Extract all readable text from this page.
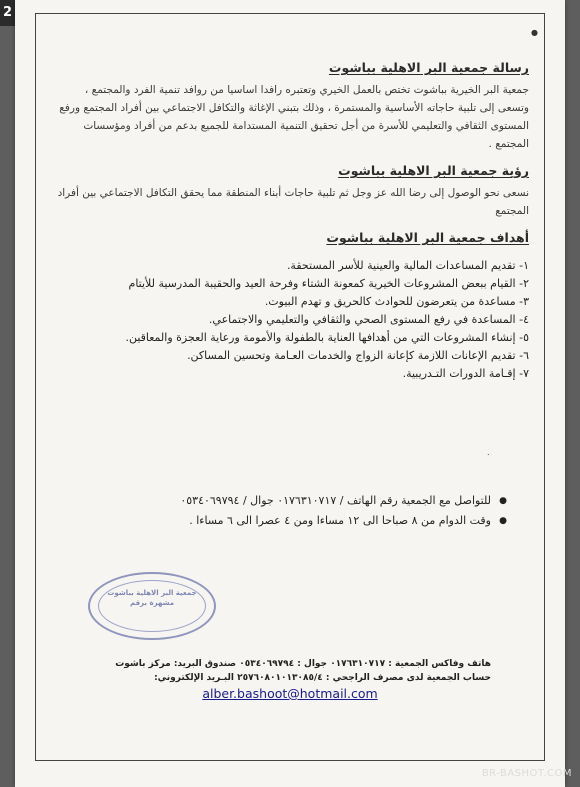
2
●
رسالة جمعية البر الاهلية بباشوت

جمعية البر الخيرية بباشوت تختص بالعمل الخيري وتعتبره رافدا اساسيا من روافد تنمية الفرد والمجتمع ، وتسعى إلى تلبية حاجاته الأساسية والمستمرة ، وذلك بتبني الإغاثة والتكافل الاجتماعي بين أفراد المجتمع ورفع المستوى الثقافي والتعليمي للأسرة من أجل تحقيق التنمية المستدامة للجميع بدعم من أفراد ومؤسسات المجتمع .

رؤية جمعية البر الاهلية بباشوت

نسعى نحو الوصول إلى رضا الله عز وجل ثم تلبية حاجات أبناء المنطقة مما يحقق التكافل الاجتماعي بين أفراد المجتمع

أهداف جمعية البر الاهلية بباشوت
١- تقديم المساعدات المالية والعينية للأسر المستحقة.
٢- القيام ببعض المشروعات الخيرية كمعونة الشتاء وفرحة العيد والحقيبة المدرسية للأيتام
٣- مساعدة من يتعرضون للحوادث كالحريق و تهدم البيوت.
٤- المساعدة في رفع المستوى الصحي والثقافي والتعليمي والاجتماعي.
٥- إنشاء المشروعات التي من أهدافها العناية بالطفولة والأمومة ورعاية العجزة والمعاقين.
٦- تقديم الإعانات اللازمة كإعانة الزواج والخدمات العـامة وتحسين المساكن.
٧- إقـامة الدورات التـدريبية.
.
● للتواصل مع الجمعية رقم الهاتف / ٠١٧٦٣١٠٧١٧ جوال / ٠٥٣٤٠٦٩٧٩٤
● وقت الدوام من ٨ صباحا الى ١٢ مساءا ومن ٤ عصرا الى ٦ مساءا .
جمعية البر الاهلية بباشوت
مشهرة برقم

هاتف وفاكس الجمعية : ٠١٧٦٣١٠٧١٧ جوال : ٠٥٣٤٠٦٩٧٩٤ صندوق البريد: مركز باشوت

حساب الجمعية لدى مصرف الراجحي : ٢٥٧٦٠٨٠١٠١٣٠٨٥/٤ البـريد الإلكتروني:

alber.bashoot@hotmail.com
BR-BASHOT.COM
